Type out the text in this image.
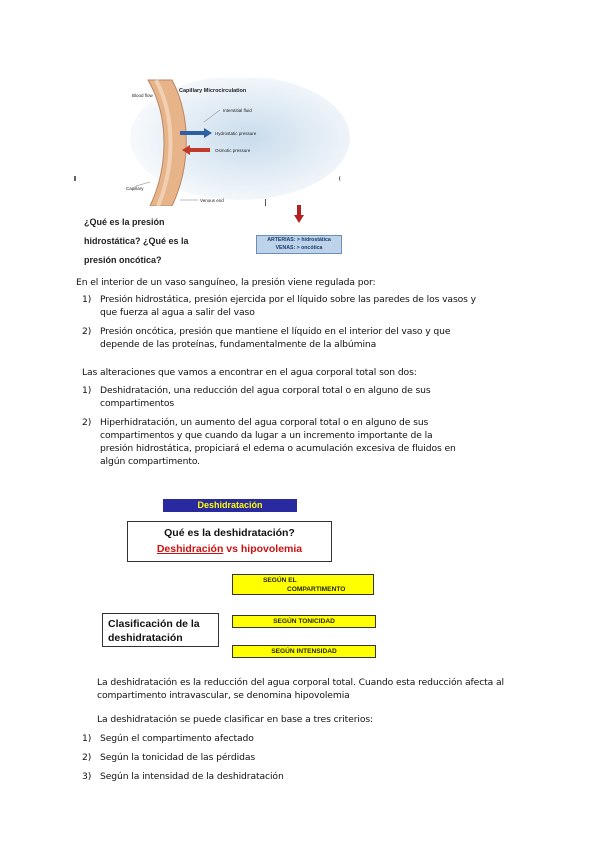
Capillary Microcirculation
Blood flow
Interstitial fluid
Hydrostatic pressure
Osmotic pressure
Capillary
Venous end
¿Qué es la presión
hidrostática? ¿Qué es la
presión oncótica?
ARTERIAS: > hidrostática
VENAS: > oncótica
En el interior de un vaso sanguíneo, la presión viene regulada por:
1) Presión hidrostática, presión ejercida por el líquido sobre las paredes de los vasos y
que fuerza al agua a salir del vaso
2) Presión oncótica, presión que mantiene el líquido en el interior del vaso y que
depende de las proteínas, fundamentalmente de la albúmina
Las alteraciones que vamos a encontrar en el agua corporal total son dos:
1) Deshidratación, una reducción del agua corporal total o en alguno de sus
compartimentos
2) Hiperhidratación, un aumento del agua corporal total o en alguno de sus
compartimentos y que cuando da lugar a un incremento importante de la
presión hidrostática, propiciará el edema o acumulación excesiva de fluidos en
algún compartimento.
Deshidratación
Qué es la deshidratación?
Deshidración vs hipovolemia
SEGÚN EL
COMPARTIMENTO
Clasificación de la
deshidratación
SEGÚN TONICIDAD
SEGÚN INTENSIDAD
La deshidratación es la reducción del agua corporal total. Cuando esta reducción afecta al
compartimento intravascular, se denomina hipovolemia
La deshidratación se puede clasificar en base a tres criterios:
1) Según el compartimento afectado
2) Según la tonicidad de las pérdidas
3) Según la intensidad de la deshidratación
